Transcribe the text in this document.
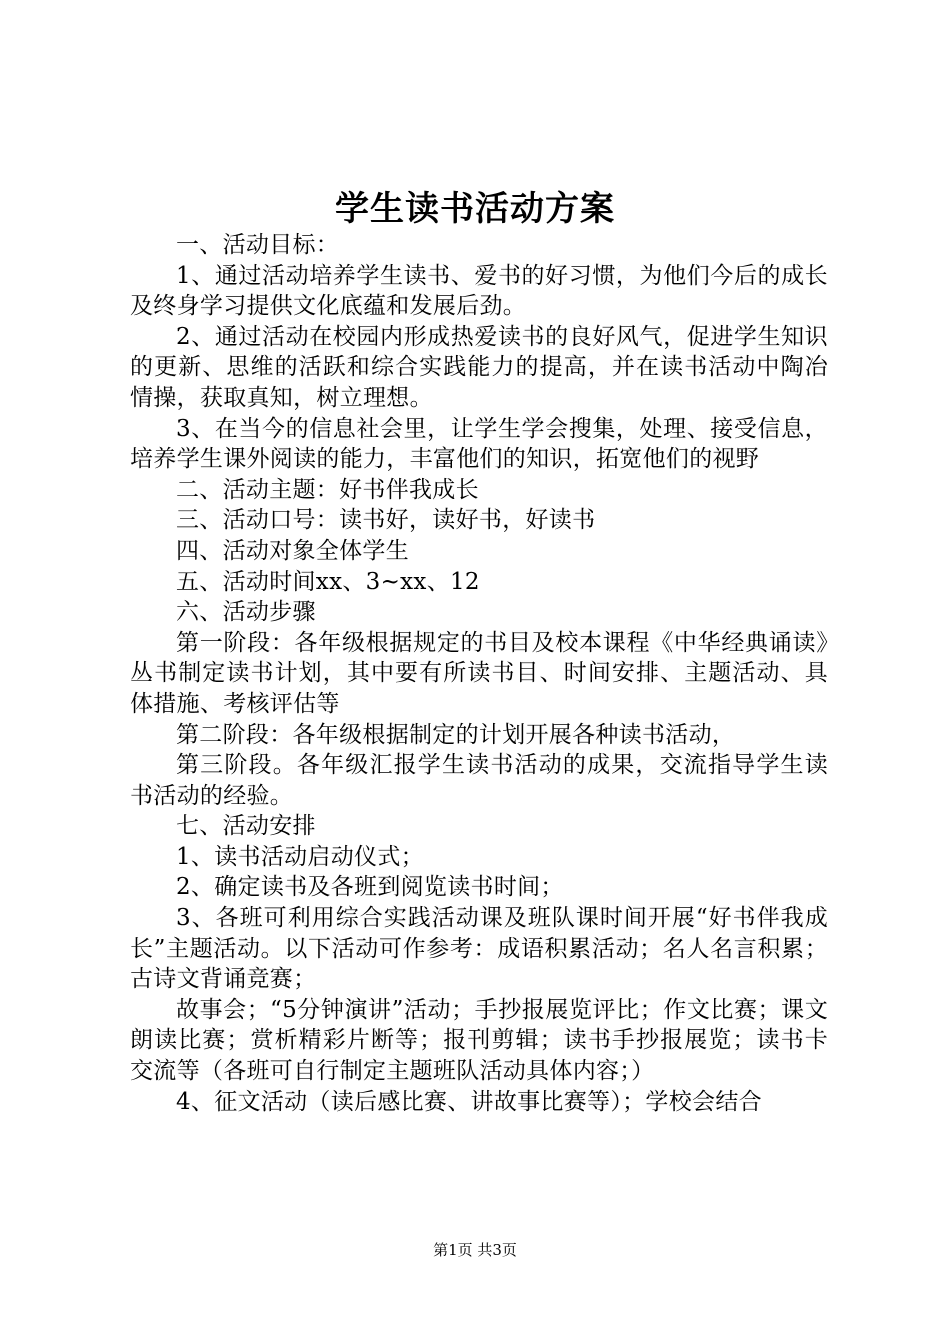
学生读书活动方案

一、活动目标：

1、通过活动培养学生读书、爱书的好习惯，为他们今后的成长及终身学习提供文化底蕴和发展后劲。

2、通过活动在校园内形成热爱读书的良好风气，促进学生知识的更新、思维的活跃和综合实践能力的提高，并在读书活动中陶冶情操，获取真知，树立理想。

3、在当今的信息社会里，让学生学会搜集，处理、接受信息，培养学生课外阅读的能力，丰富他们的知识，拓宽他们的视野

二、活动主题：好书伴我成长

三、活动口号：读书好，读好书，好读书

四、活动对象全体学生

五、活动时间xx、3~xx、12

六、活动步骤

第一阶段：各年级根据规定的书目及校本课程《中华经典诵读》丛书制定读书计划，其中要有所读书目、时间安排、主题活动、具体措施、考核评估等

第二阶段：各年级根据制定的计划开展各种读书活动，

第三阶段。各年级汇报学生读书活动的成果，交流指导学生读书活动的经验。

七、活动安排

1、读书活动启动仪式；

2、确定读书及各班到阅览读书时间；

3、各班可利用综合实践活动课及班队课时间开展“好书伴我成长”主题活动。以下活动可作参考：成语积累活动；名人名言积累；古诗文背诵竞赛；

故事会；“5分钟演讲”活动；手抄报展览评比；作文比赛；课文朗读比赛；赏析精彩片断等；报刊剪辑；读书手抄报展览；读书卡交流等（各班可自行制定主题班队活动具体内容；）

4、征文活动（读后感比赛、讲故事比赛等）；学校会结合

第1页 共3页
